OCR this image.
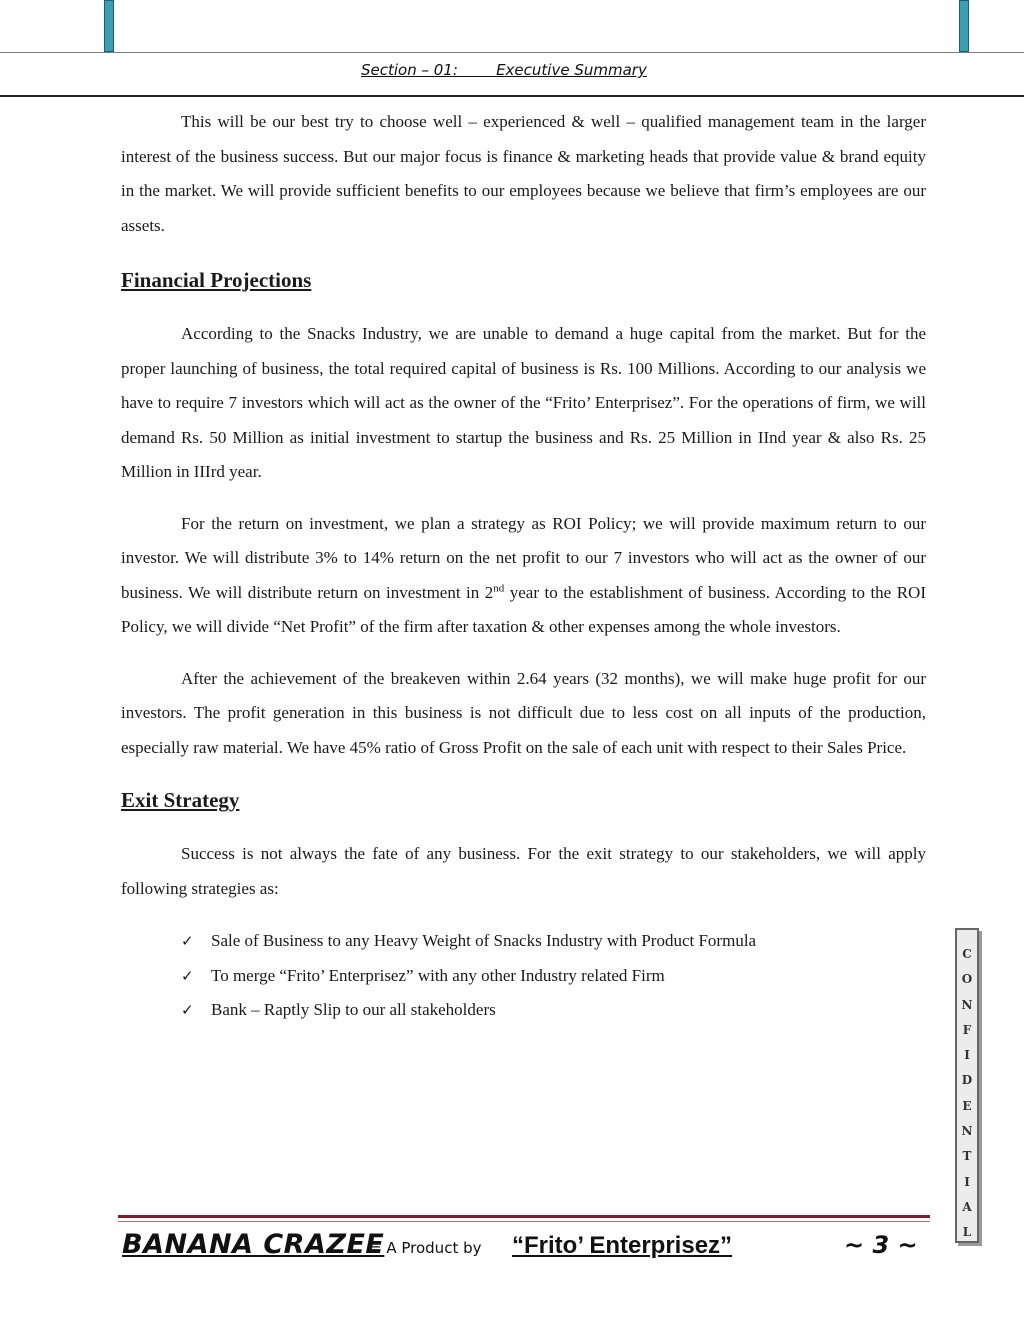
Section – 01:	Executive Summary

This will be our best try to choose well – experienced & well – qualified management team in the larger interest of the business success. But our major focus is finance & marketing heads that provide value & brand equity in the market. We will provide sufficient benefits to our employees because we believe that firm’s employees are our assets.

Financial Projections

According to the Snacks Industry, we are unable to demand a huge capital from the market. But for the proper launching of business, the total required capital of business is Rs. 100 Millions. According to our analysis we have to require 7 investors which will act as the owner of the “Frito’ Enterprisez”. For the operations of firm, we will demand Rs. 50 Million as initial investment to startup the business and Rs. 25 Million in IInd year & also Rs. 25 Million in IIIrd year.

For the return on investment, we plan a strategy as ROI Policy; we will provide maximum return to our investor. We will distribute 3% to 14% return on the net profit to our 7 investors who will act as the owner of our business. We will distribute return on investment in 2nd year to the establishment of business. According to the ROI Policy, we will divide “Net Profit” of the firm after taxation & other expenses among the whole investors.

After the achievement of the breakeven within 2.64 years (32 months), we will make huge profit for our investors. The profit generation in this business is not difficult due to less cost on all inputs of the production, especially raw material. We have 45% ratio of Gross Profit on the sale of each unit with respect to their Sales Price.

Exit Strategy

Success is not always the fate of any business. For the exit strategy to our stakeholders, we will apply following strategies as:

✓	Sale of Business to any Heavy Weight of Snacks Industry with Product Formula
✓	To merge “Frito’ Enterprisez” with any other Industry related Firm
✓	Bank – Raptly Slip to our all stakeholders
C
O
N
F
I
D
E
N
T
I
A
L
BANANA CRAZEE
= A Product by “Frito’ Enterprisez”	~ 3 ~
